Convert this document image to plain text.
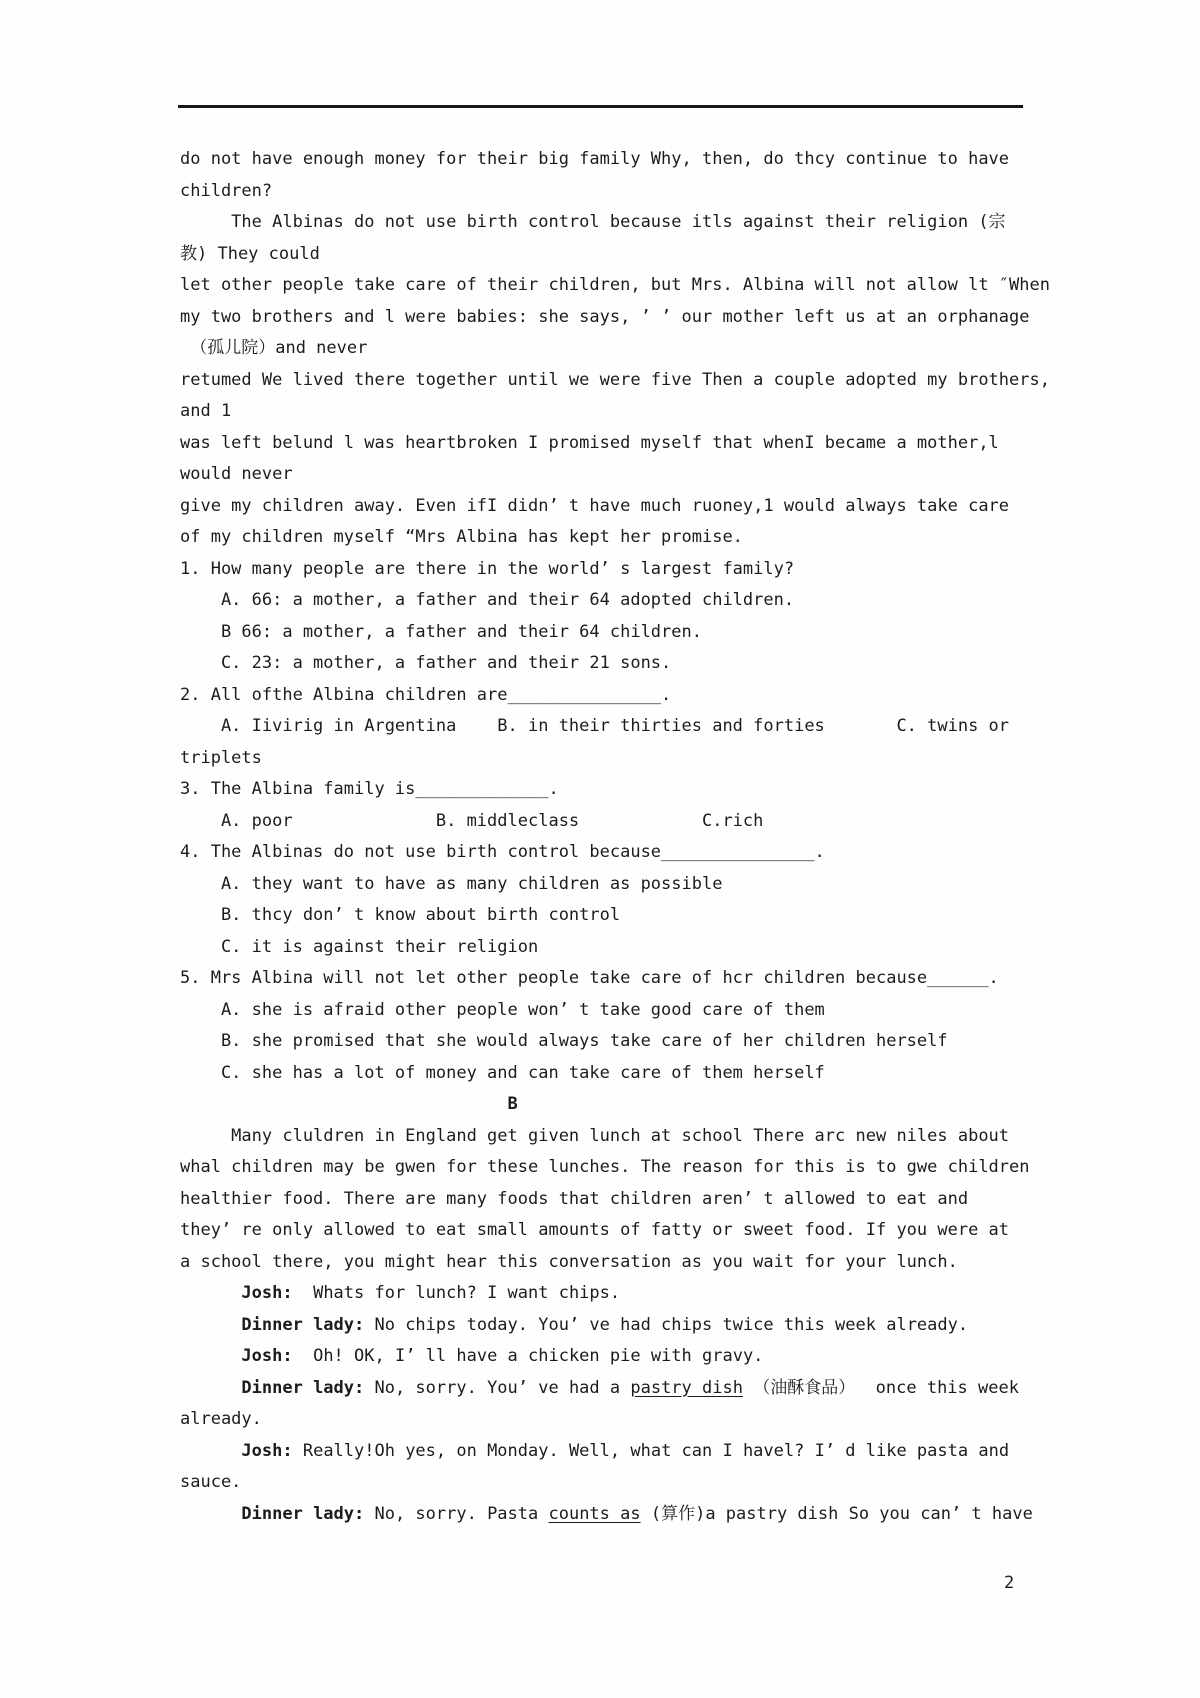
do not have enough money for their big family Why, then, do thcy continue to have
children?
The Albinas do not use birth control because itls against their religion (宗
教) They could
let other people take care of their children, but Mrs. Albina will not allow lt ″When
my two brothers and l were babies: she says, ’ ’ our mother left us at an orphanage
（孤儿院）and never
retumed We lived there together until we were five Then a couple adopted my brothers,
and 1
was left belund l was heartbroken I promised myself that whenI became a mother,l
would never
give my children away. Even ifI didn’ t have much ruoney,1 would always take care
of my children myself “Mrs Albina has kept her promise.
1. How many people are there in the world’ s largest family?
A. 66: a mother, a father and their 64 adopted children.
B 66: a mother, a father and their 64 children.
C. 23: a mother, a father and their 21 sons.
2. All ofthe Albina children are_______________.
A. Iivirig in Argentina    B. in their thirties and forties       C. twins or
triplets
3. The Albina family is_____________.
A. poor              B. middleclass            C.rich
4. The Albinas do not use birth control because_______________.
A. they want to have as many children as possible
B. thcy don’ t know about birth control
C. it is against their religion
5. Mrs Albina will not let other people take care of hcr children because______.
A. she is afraid other people won’ t take good care of them
B. she promised that she would always take care of her children herself
C. she has a lot of money and can take care of them herself
B
Many cluldren in England get given lunch at school There arc new niles about
whal children may be gwen for these lunches. The reason for this is to gwe children
healthier food. There are many foods that children aren’ t allowed to eat and
they’ re only allowed to eat small amounts of fatty or sweet food. If you were at
a school there, you might hear this conversation as you wait for your lunch.
Josh:  Whats for lunch? I want chips.
Dinner lady: No chips today. You’ ve had chips twice this week already.
Josh:  Oh! OK, I’ ll have a chicken pie with gravy.
Dinner lady: No, sorry. You’ ve had a pastry dish （油酥食品）  once this week
already.
Josh: Really!Oh yes, on Monday. Well, what can I havel? I’ d like pasta and
sauce.
Dinner lady: No, sorry. Pasta counts as (算作)a pastry dish So you can’ t have
2
